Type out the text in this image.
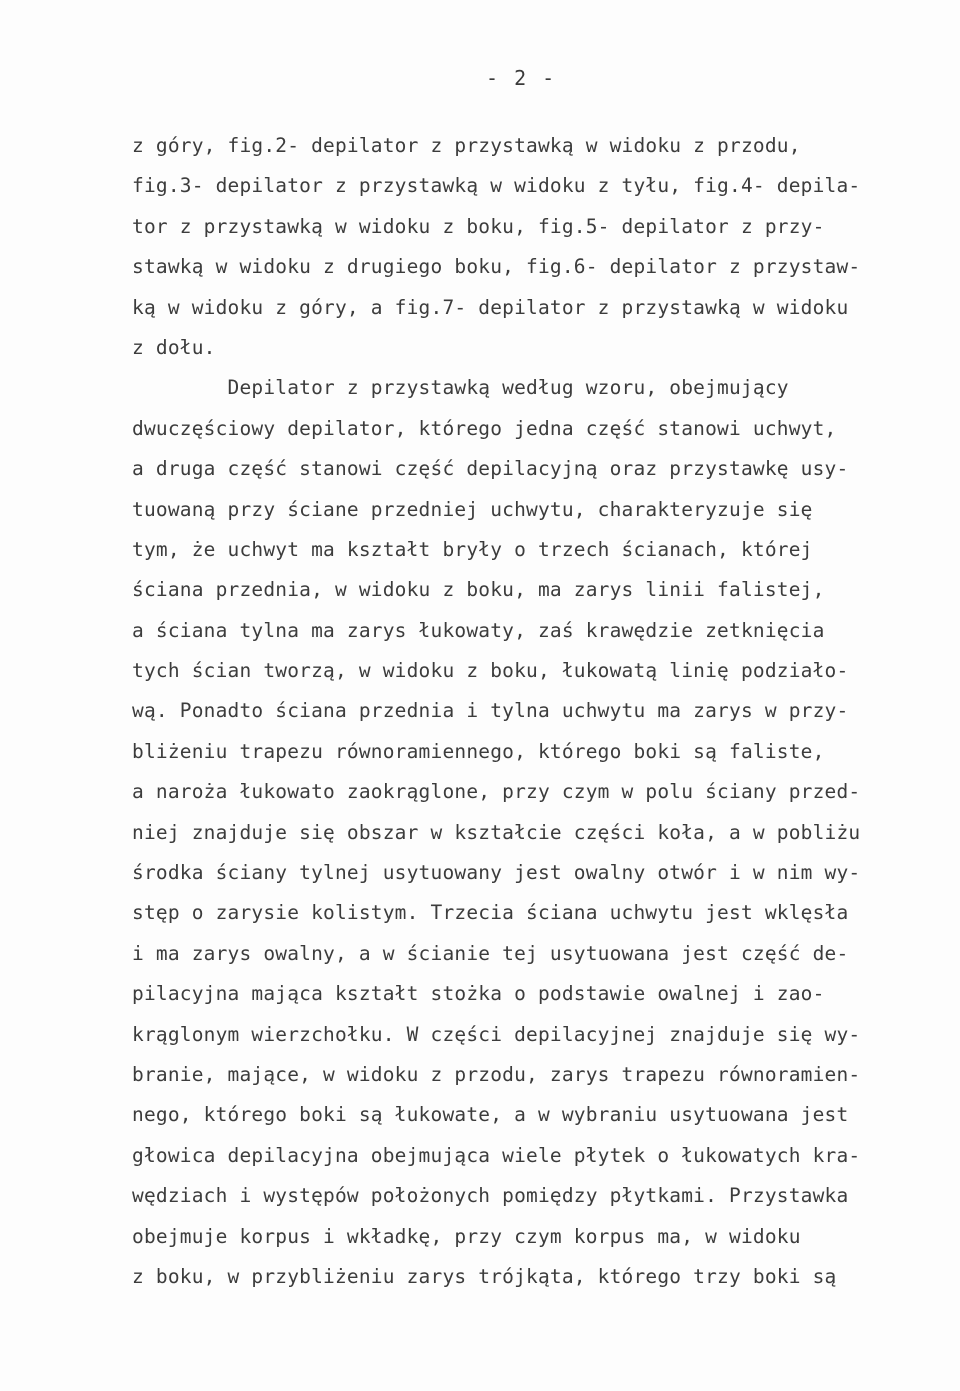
- 2 -
z góry, fig.2- depilator z przystawką w widoku z przodu,
fig.3- depilator z przystawką w widoku z tyłu, fig.4- depila-
tor z przystawką w widoku z boku, fig.5- depilator z przy-
stawką w widoku z drugiego boku, fig.6- depilator z przystaw-
ką w widoku z góry, a fig.7- depilator z przystawką w widoku
z dołu.
Depilator z przystawką według wzoru, obejmujący
dwuczęściowy depilator, którego jedna część stanowi uchwyt,
a druga część stanowi część depilacyjną oraz przystawkę usy-
tuowaną przy ściane przedniej uchwytu, charakteryzuje się
tym, że uchwyt ma kształt bryły o trzech ścianach, której
ściana przednia, w widoku z boku, ma zarys linii falistej,
a ściana tylna ma zarys łukowaty, zaś krawędzie zetknięcia
tych ścian tworzą, w widoku z boku, łukowatą linię podziało-
wą. Ponadto ściana przednia i tylna uchwytu ma zarys w przy-
bliżeniu trapezu równoramiennego, którego boki są faliste,
a naroża łukowato zaokrąglone, przy czym w polu ściany przed-
niej znajduje się obszar w kształcie części koła, a w pobliżu
środka ściany tylnej usytuowany jest owalny otwór i w nim wy-
stęp o zarysie kolistym. Trzecia ściana uchwytu jest wklęsła
i ma zarys owalny, a w ścianie tej usytuowana jest część de-
pilacyjna mająca kształt stożka o podstawie owalnej i zao-
krąglonym wierzchołku. W części depilacyjnej znajduje się wy-
branie, mające, w widoku z przodu, zarys trapezu równoramien-
nego, którego boki są łukowate, a w wybraniu usytuowana jest
głowica depilacyjna obejmująca wiele płytek o łukowatych kra-
wędziach i występów położonych pomiędzy płytkami. Przystawka
obejmuje korpus i wkładkę, przy czym korpus ma, w widoku
z boku, w przybliżeniu zarys trójkąta, którego trzy boki są
